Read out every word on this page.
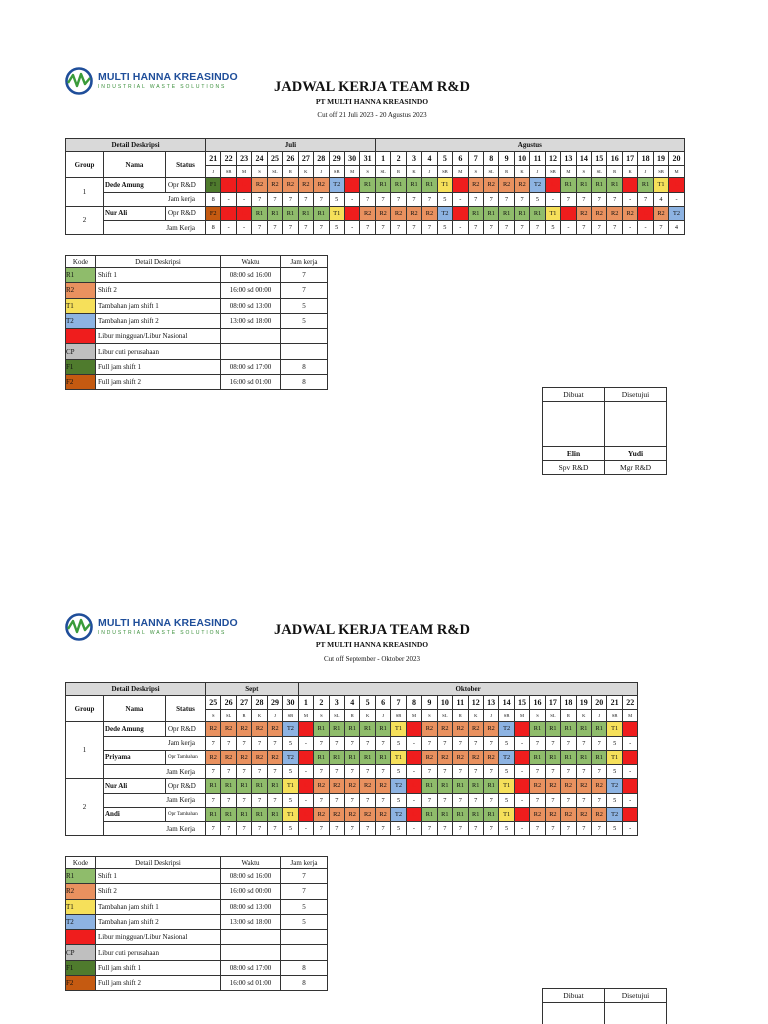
MULTI HANNA KREASINDO
INDUSTRIAL WASTE SOLUTIONS	JADWAL KERJA TEAM R&D
PT MULTI HANNA KREASINDO
Cut off 21 Juli 2023 - 20 Agustus 2023
Detail Deskripsi			Juli											Agustus																			
Group	Nama	Status	21	22	23	24	25	26	27	28	29	30	31	1	2	3	4	5	6	7	8	9	10	11	12	13	14	15	16	17	18	19	20
			J	SB	M	S	SL	R	K	J	SB	M	S	SL	R	K	J	SB	M	S	SL	R	K	J	SB	M	S	SL	R	K	J	SB	M
1	Dede Amung	Opr R&D	F1	L	L	R2	R2	R2	R2	R2	T2	L	R1	R1	R1	R1	R1	T1	L	R2	R2	R2	R2	T2	L	R1	R1	R1	R1	L	R1	T1	L
	Jam kerja		8	-	-	7	7	7	7	7	5	-	7	7	7	7	7	5	-	7	7	7	7	5	-	7	7	7	7	-	7	4	-
2	Nur Ali	Opr R&D	F2	L	L	R1	R1	R1	R1	R1	T1	L	R2	R2	R2	R2	R2	T2	L	R1	R1	R1	R1	R1	T1	L	R2	R2	R2	R2	L	R2	T2
	Jam Kerja		8	-	-	7	7	7	7	7	5	-	7	7	7	7	7	5	-	7	7	7	7	7	5	-	7	7	7	-	-	7	4
Kode	Detail Deskripsi	Waktu	Jam kerja
R1	Shift 1	08:00 sd 16:00	7
R2	Shift 2	16:00 sd 00:00	7
T1	Tambahan jam shift 1	08:00 sd 13:00	5
T2	Tambahan jam shift 2	13:00 sd 18:00	5
L	Libur mingguan/Libur Nasional		
CP	Libur cuti perusahaan		
F1	Full jam shift 1	08:00 sd 17:00	8
F2	Full jam shift 2	16:00 sd 01:00	8
Dibuat	Disetujui

Elin	Yudi
Spv R&D	Mgr R&D
MULTI HANNA KREASINDO
INDUSTRIAL WASTE SOLUTIONS	JADWAL KERJA TEAM R&D
PT MULTI HANNA KREASINDO
Cut off September - Oktober 2023
Detail Deskripsi			Sept						Oktober																					
Group	Nama	Status	25	26	27	28	29	30	1	2	3	4	5	6	7	8	9	10	11	12	13	14	15	16	17	18	19	20	21	22
			S	SL	R	K	J	SB	M	S	SL	R	K	J	SB	M	S	SL	R	K	J	SB	M	S	SL	R	K	J	SB	M
1	Dede Amung	Opr R&D	R2	R2	R2	R2	R2	T2	L	R1	R1	R1	R1	R1	T1	L	R2	R2	R2	R2	R2	T2	L	R1	R1	R1	R1	R1	T1	L
	Jam kerja		7	7	7	7	7	5	-	7	7	7	7	7	5	-	7	7	7	7	7	5	-	7	7	7	7	7	5	-
	Priyama	Opr Tambahan	R2	R2	R2	R2	R2	T2	L	R1	R1	R1	R1	R1	T1	L	R2	R2	R2	R2	R2	T2	L	R1	R1	R1	R1	R1	T1	L
	Jam Kerja		7	7	7	7	7	5	-	7	7	7	7	7	5	-	7	7	7	7	7	5	-	7	7	7	7	7	5	-
2	Nur Ali	Opr R&D	R1	R1	R1	R1	R1	T1	L	R2	R2	R2	R2	R2	T2	L	R1	R1	R1	R1	R1	T1	L	R2	R2	R2	R2	R2	T2	L
	Jam Kerja		7	7	7	7	7	5	-	7	7	7	7	7	5	-	7	7	7	7	7	5	-	7	7	7	7	7	5	-
	Andi	Opr Tambahan	R1	R1	R1	R1	R1	T1	L	R2	R2	R2	R2	R2	T2	L	R1	R1	R1	R1	R1	T1	L	R2	R2	R2	R2	R2	T2	L
	Jam Kerja		7	7	7	7	7	5	-	7	7	7	7	7	5	-	7	7	7	7	7	5	-	7	7	7	7	7	5	-
Kode	Detail Deskripsi	Waktu	Jam kerja
R1	Shift 1	08:00 sd 16:00	7
R2	Shift 2	16:00 sd 00:00	7
T1	Tambahan jam shift 1	08:00 sd 13:00	5
T2	Tambahan jam shift 2	13:00 sd 18:00	5
L	Libur mingguan/Libur Nasional		
CP	Libur cuti perusahaan		
F1	Full jam shift 1	08:00 sd 17:00	8
F2	Full jam shift 2	16:00 sd 01:00	8
Dibuat	Disetujui
